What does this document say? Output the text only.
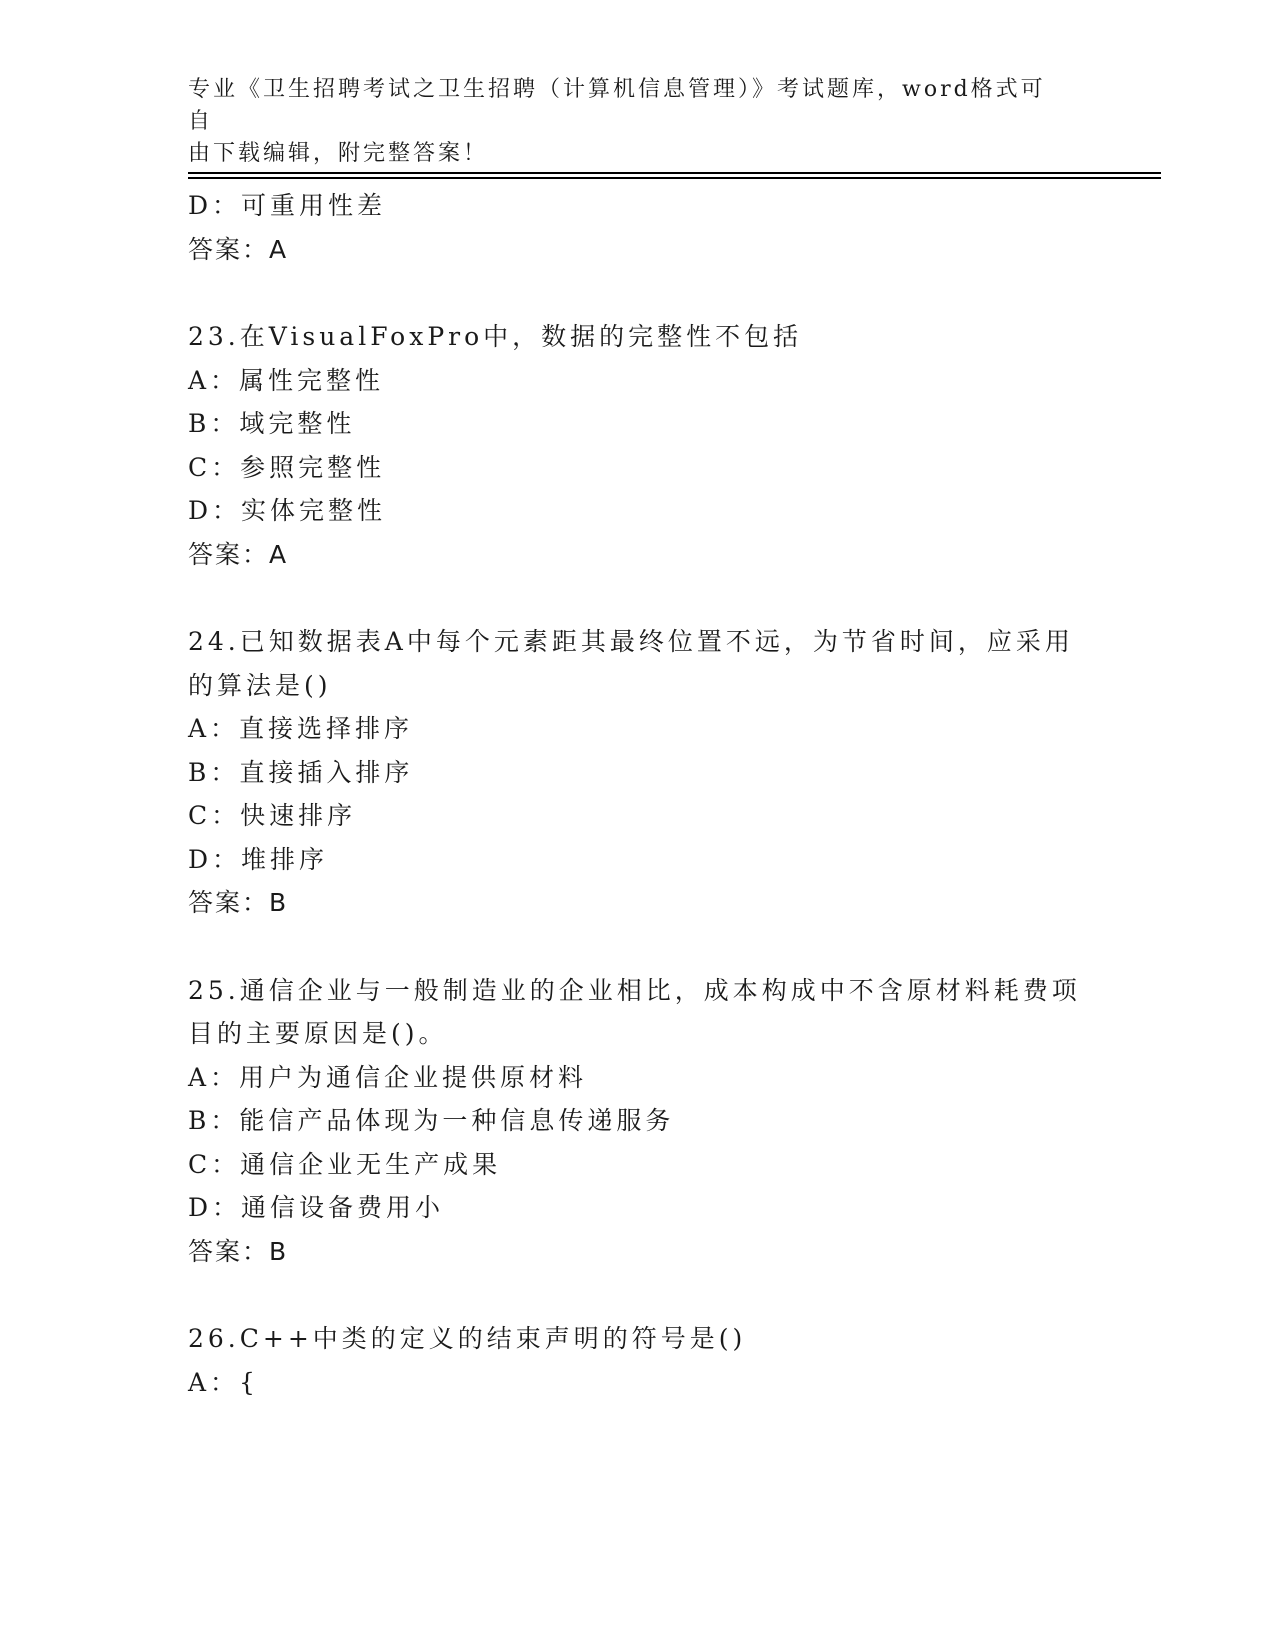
专业《卫生招聘考试之卫生招聘（计算机信息管理）》考试题库，word格式可自
由下载编辑，附完整答案！
D：可重用性差
答案：A
23.在VisualFoxPro中，数据的完整性不包括
A：属性完整性
B：域完整性
C：参照完整性
D：实体完整性
答案：A
24.已知数据表A中每个元素距其最终位置不远，为节省时间，应采用
的算法是()
A：直接选择排序
B：直接插入排序
C：快速排序
D：堆排序
答案：B
25.通信企业与一般制造业的企业相比，成本构成中不含原材料耗费项
目的主要原因是()。
A：用户为通信企业提供原材料
B：能信产品体现为一种信息传递服务
C：通信企业无生产成果
D：通信设备费用小
答案：B
26.C++中类的定义的结束声明的符号是()
A：{
